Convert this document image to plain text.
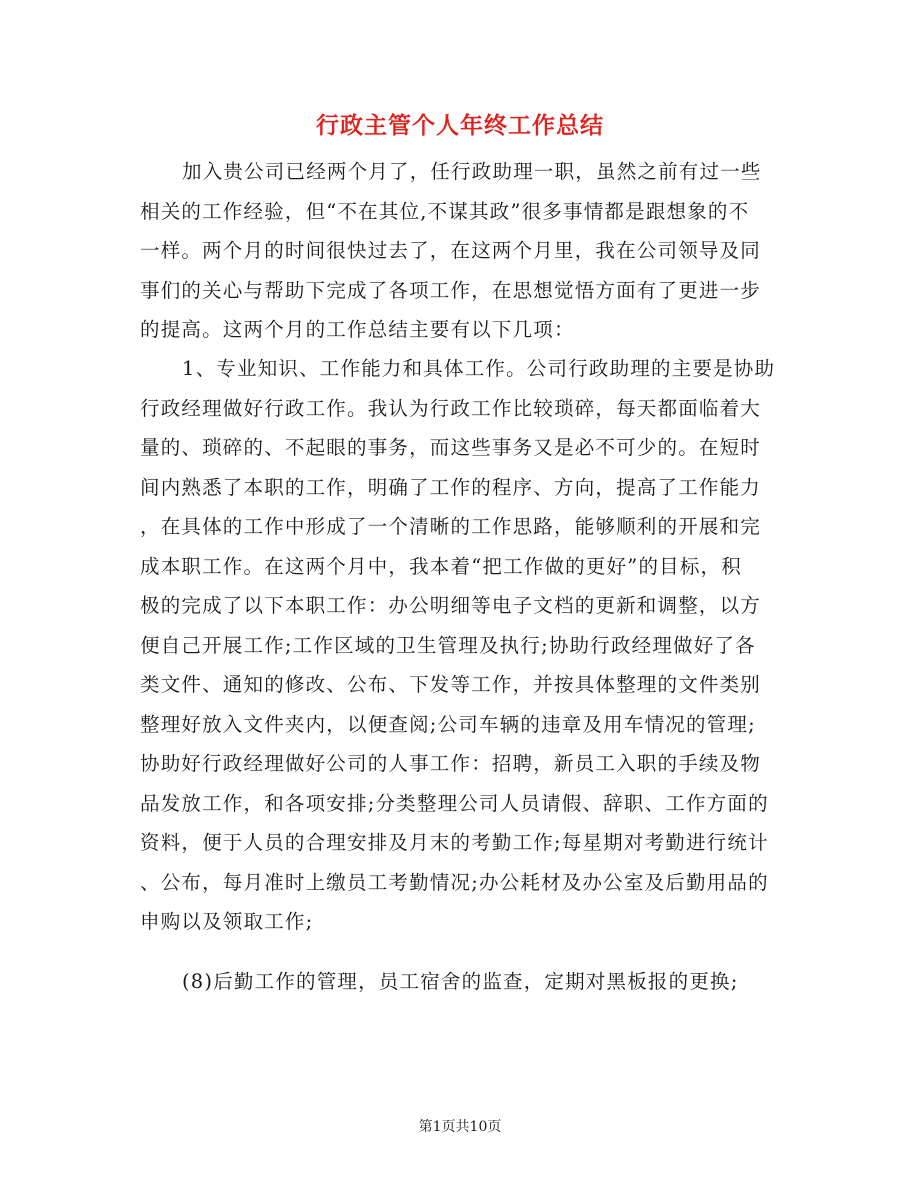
行政主管个人年终工作总结
加入贵公司已经两个月了，任行政助理一职，虽然之前有过一些
相关的工作经验，但“不在其位,不谋其政”很多事情都是跟想象的不
一样。两个月的时间很快过去了，在这两个月里，我在公司领导及同
事们的关心与帮助下完成了各项工作，在思想觉悟方面有了更进一步
的提高。这两个月的工作总结主要有以下几项：
1、专业知识、工作能力和具体工作。公司行政助理的主要是协助
行政经理做好行政工作。我认为行政工作比较琐碎，每天都面临着大
量的、琐碎的、不起眼的事务，而这些事务又是必不可少的。在短时
间内熟悉了本职的工作，明确了工作的程序、方向，提高了工作能力
，在具体的工作中形成了一个清晰的工作思路，能够顺利的开展和完
成本职工作。在这两个月中，我本着“把工作做的更好”的目标，积
极的完成了以下本职工作：办公明细等电子文档的更新和调整，以方
便自己开展工作;工作区域的卫生管理及执行;协助行政经理做好了各
类文件、通知的修改、公布、下发等工作，并按具体整理的文件类别
整理好放入文件夹内，以便查阅;公司车辆的违章及用车情况的管理;
协助好行政经理做好公司的人事工作：招聘，新员工入职的手续及物
品发放工作，和各项安排;分类整理公司人员请假、辞职、工作方面的
资料，便于人员的合理安排及月末的考勤工作;每星期对考勤进行统计
、公布，每月准时上缴员工考勤情况;办公耗材及办公室及后勤用品的
申购以及领取工作;
(8)后勤工作的管理，员工宿舍的监查，定期对黑板报的更换;
第1页共10页
